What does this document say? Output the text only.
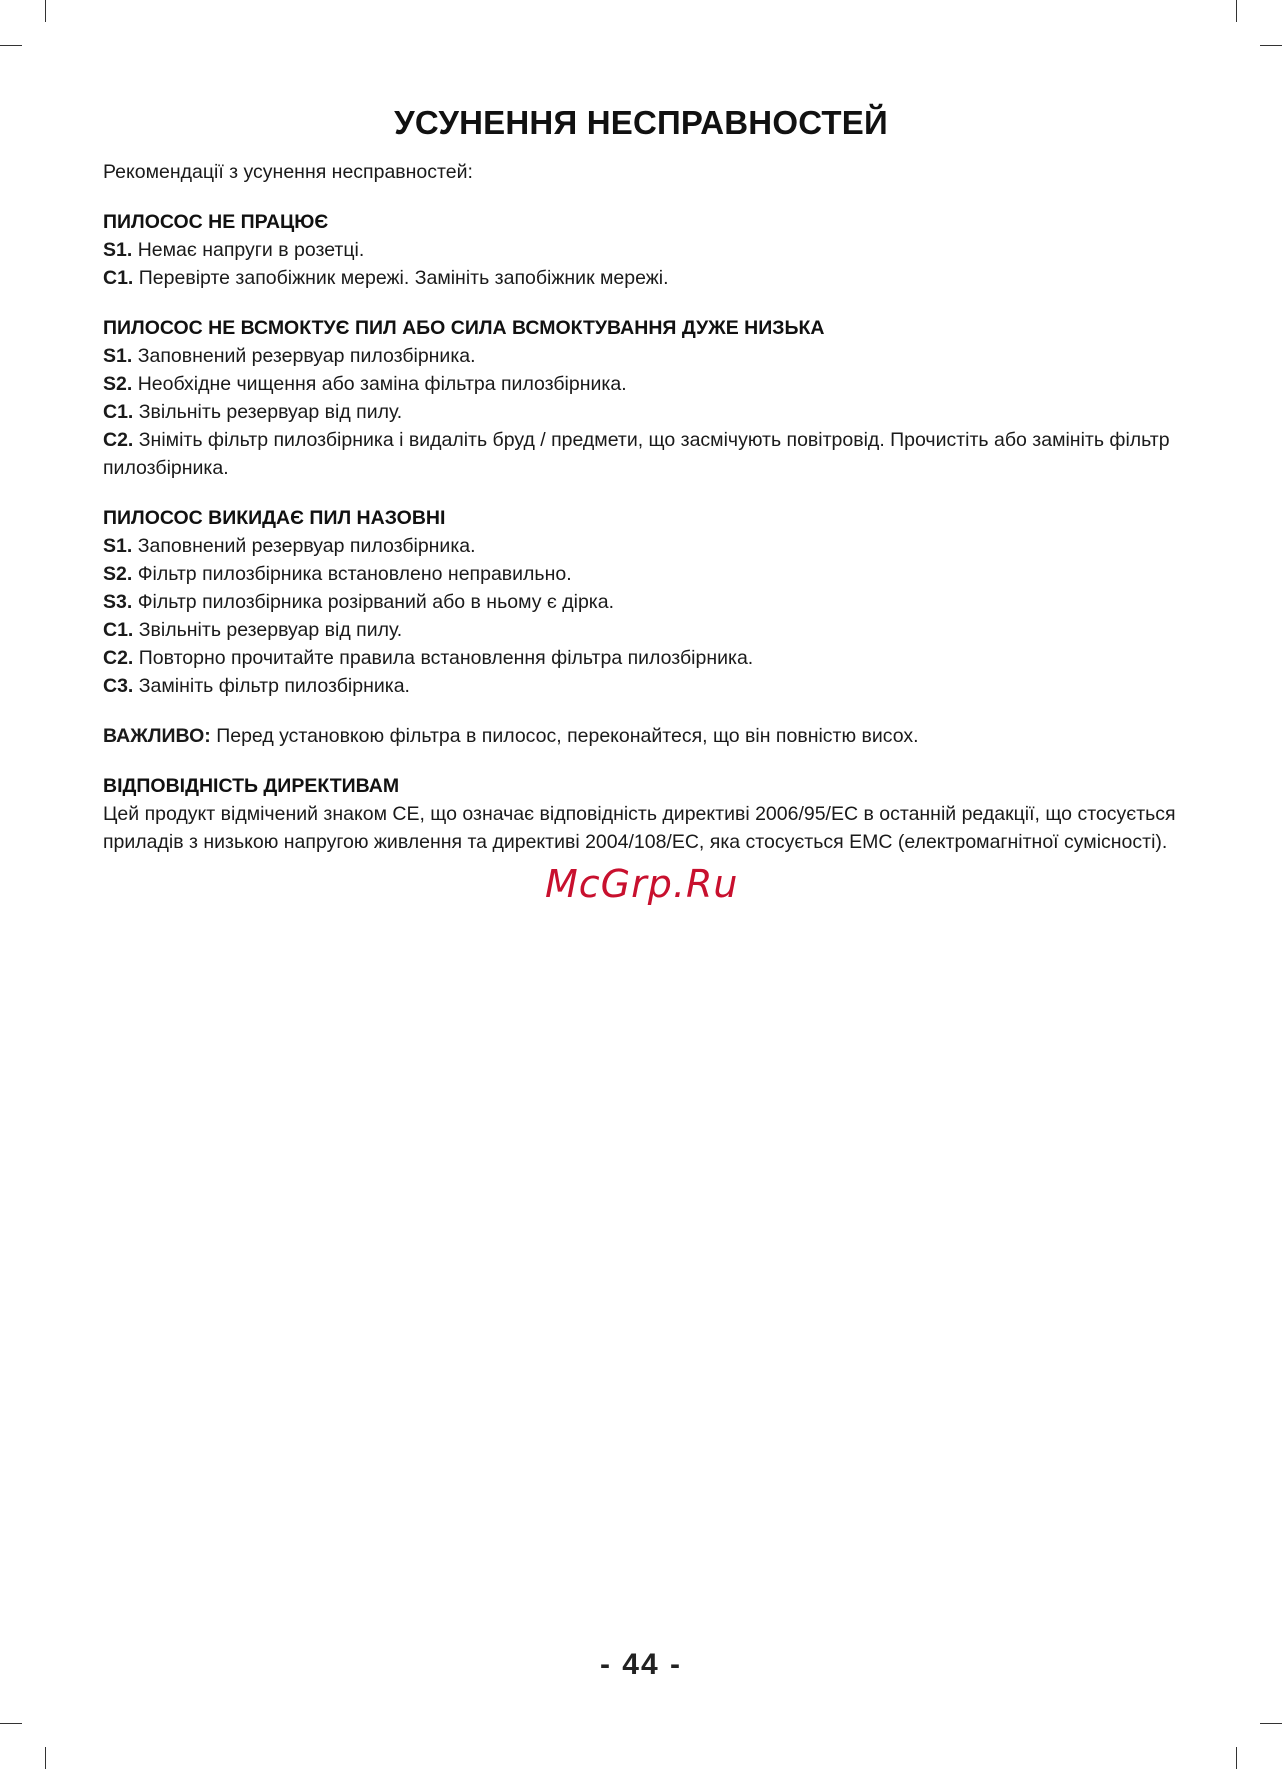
УСУНЕННЯ НЕСПРАВНОСТЕЙ

Рекомендації з усунення несправностей:

ПИЛОСОС НЕ ПРАЦЮЄ

S1. Немає напруги в розетці.

C1. Перевірте запобіжник мережі. Замініть запобіжник мережі.

ПИЛОСОС НЕ ВСМОКТУЄ ПИЛ АБО СИЛА ВСМОКТУВАННЯ ДУЖЕ НИЗЬКА

S1. Заповнений резервуар пилозбірника.

S2. Необхідне чищення або заміна фільтра пилозбірника.

C1. Звільніть резервуар від пилу.

C2. Зніміть фільтр пилозбірника і видаліть бруд / предмети, що засмічують повітровід. Прочистіть або замініть фільтр пилозбірника.

ПИЛОСОС ВИКИДАЄ ПИЛ НАЗОВНІ

S1. Заповнений резервуар пилозбірника.

S2. Фільтр пилозбірника встановлено неправильно.

S3. Фільтр пилозбірника розірваний або в ньому є дірка.

C1. Звільніть резервуар від пилу.

C2. Повторно прочитайте правила встановлення фільтра пилозбірника.

C3. Замініть фільтр пилозбірника.

ВАЖЛИВО: Перед установкою фільтра в пилосос, переконайтеся, що він повністю висох.

ВІДПОВІДНІСТЬ ДИРЕКТИВАМ

Цей продукт відмічений знаком CE, що означає відповідність директиві 2006/95/EC в останній редакції, що стосується приладів з низькою напругою живлення та директиві 2004/108/EC, яка стосується EMC (електромагнітної сумісності).

McGrp.Ru
- 44 -
